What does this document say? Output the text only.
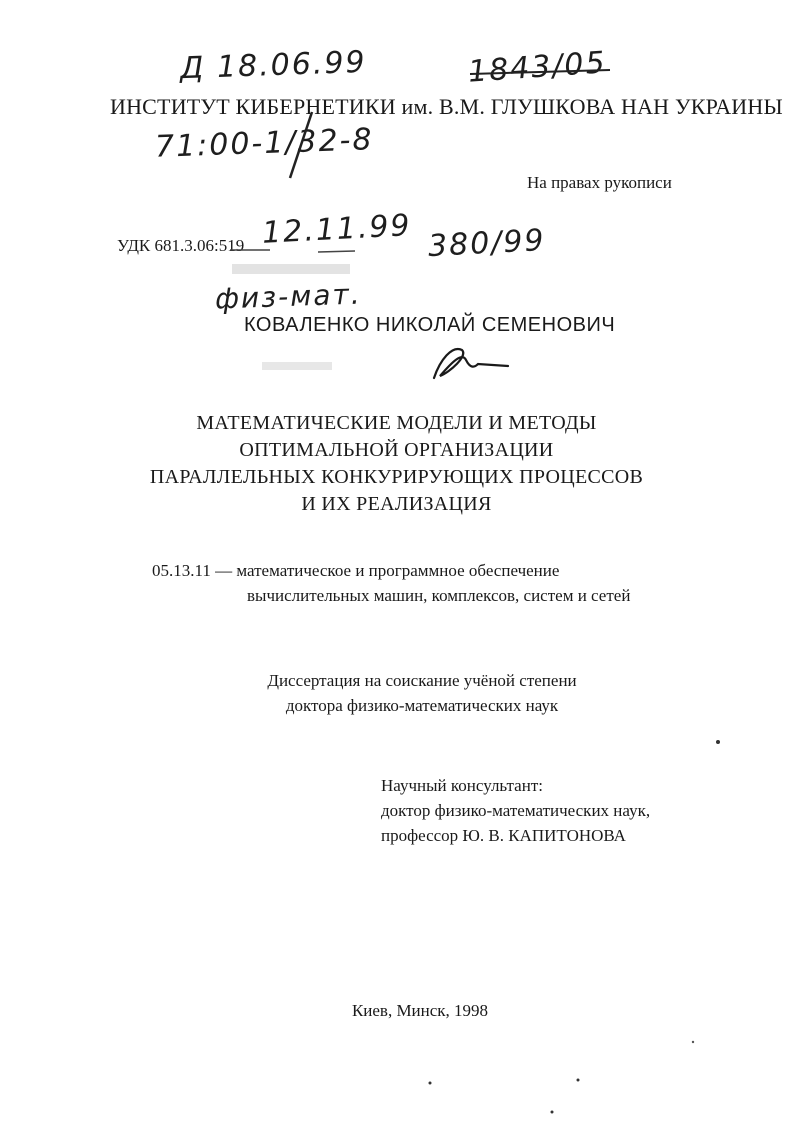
Д 18.06.99	1843/05
71:00-1/32-8
12.11.99 380/99
физ-мат.
ИНСТИТУТ КИБЕРНЕТИКИ им. В.М. ГЛУШКОВА НАН УКРАИНЫ
На правах рукописи
УДК 681.3.06:519
КОВАЛЕНКО НИКОЛАЙ СЕМЕНОВИЧ
МАТЕМАТИЧЕСКИЕ МОДЕЛИ И МЕТОДЫ
ОПТИМАЛЬНОЙ ОРГАНИЗАЦИИ
ПАРАЛЛЕЛЬНЫХ КОНКУРИРУЮЩИХ ПРОЦЕССОВ
И ИХ РЕАЛИЗАЦИЯ
05.13.11 — математическое и программное обеспечение
вычислительных машин, комплексов, систем и сетей
Диссертация на соискание учёной степени
доктора физико-математических наук
Научный консультант:
доктор физико-математических наук,
профессор Ю. В. КАПИТОНОВА
Киев, Минск, 1998
